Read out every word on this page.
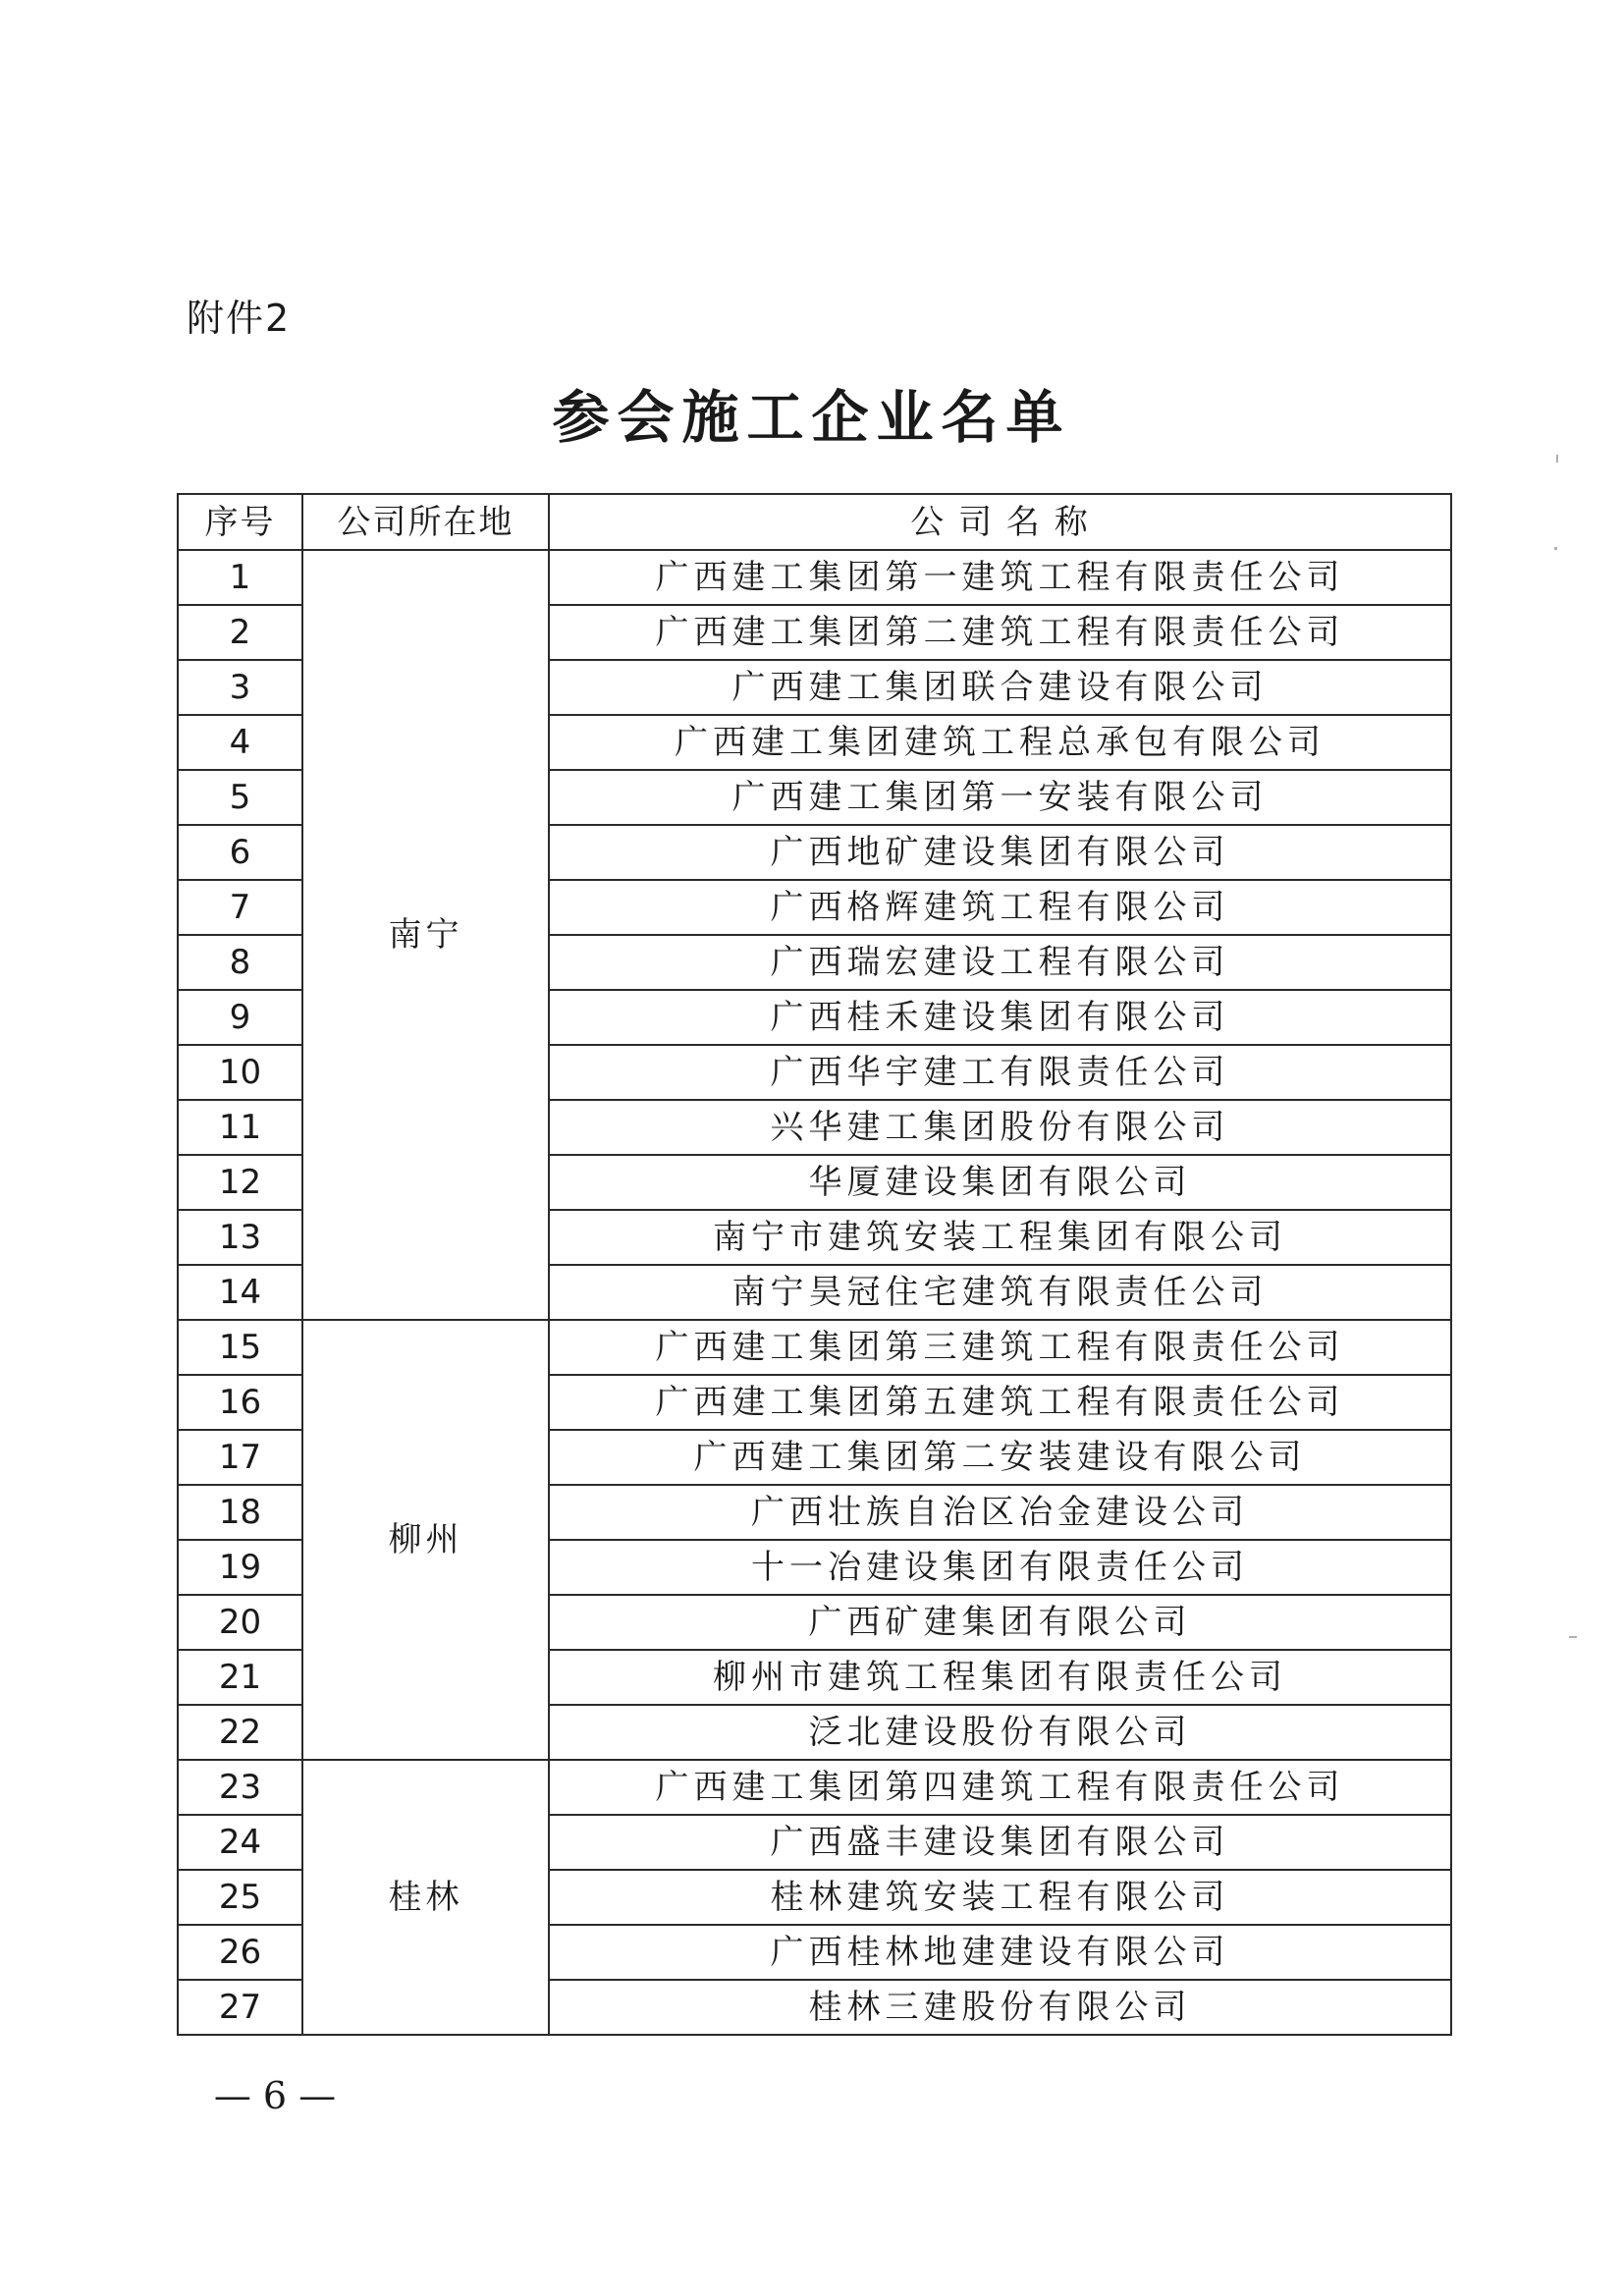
附件2
参会施工企业名单
序号	公司所在地	公 司 名 称
1	南宁	广西建工集团第一建筑工程有限责任公司
2		广西建工集团第二建筑工程有限责任公司
3		广西建工集团联合建设有限公司
4		广西建工集团建筑工程总承包有限公司
5		广西建工集团第一安装有限公司
6		广西地矿建设集团有限公司
7		广西格辉建筑工程有限公司
8		广西瑞宏建设工程有限公司
9		广西桂禾建设集团有限公司
10		广西华宇建工有限责任公司
11		兴华建工集团股份有限公司
12		华厦建设集团有限公司
13		南宁市建筑安装工程集团有限公司
14		南宁昊冠住宅建筑有限责任公司
15	柳州	广西建工集团第三建筑工程有限责任公司
16		广西建工集团第五建筑工程有限责任公司
17		广西建工集团第二安装建设有限公司
18		广西壮族自治区冶金建设公司
19		十一冶建设集团有限责任公司
20		广西矿建集团有限公司
21		柳州市建筑工程集团有限责任公司
22		泛北建设股份有限公司
23	桂林	广西建工集团第四建筑工程有限责任公司
24		广西盛丰建设集团有限公司
25		桂林建筑安装工程有限公司
26		广西桂林地建建设有限公司
27		桂林三建股份有限公司
— 6 —
